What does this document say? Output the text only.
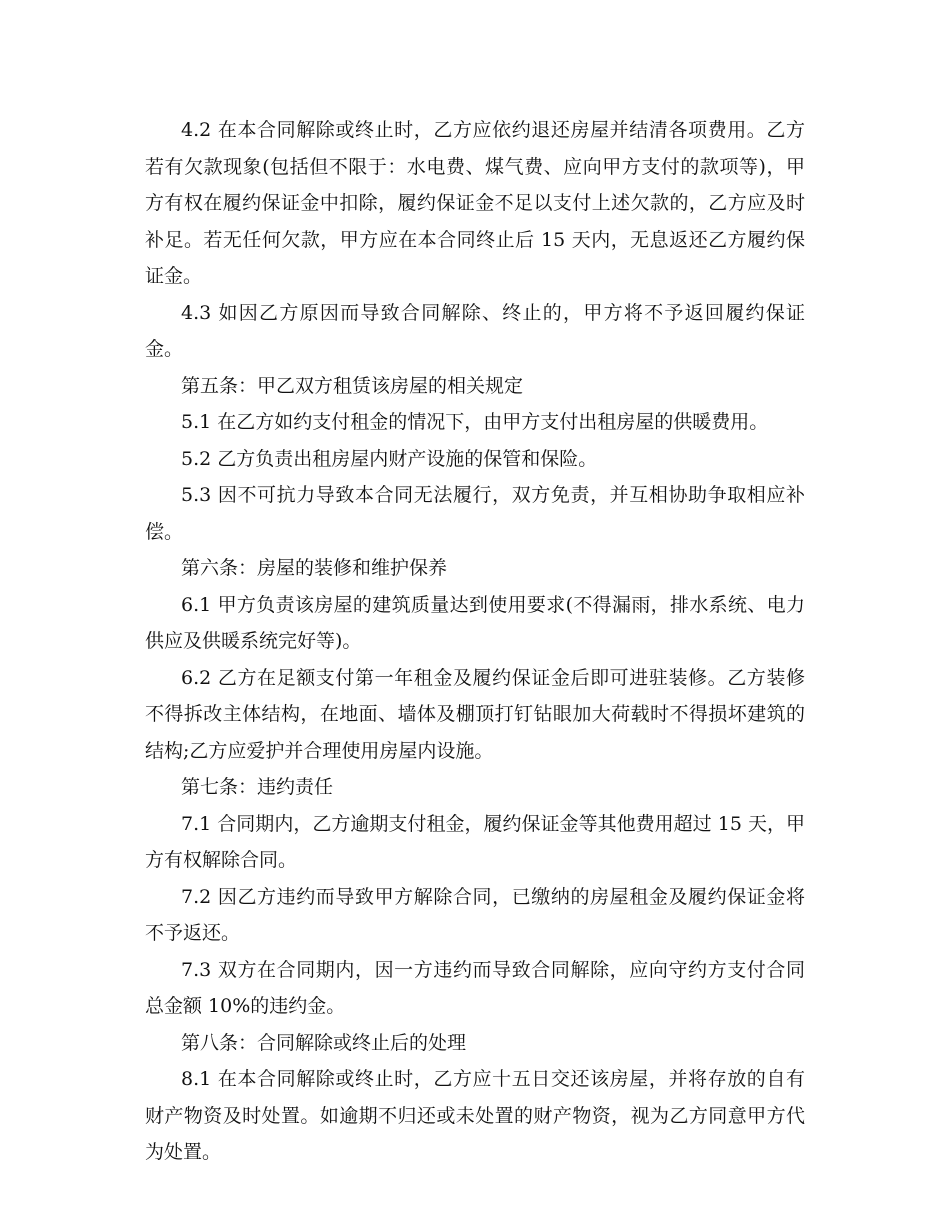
4.2 在本合同解除或终止时，乙方应依约退还房屋并结清各项费用。乙方若有欠款现象(包括但不限于：水电费、煤气费、应向甲方支付的款项等)，甲方有权在履约保证金中扣除，履约保证金不足以支付上述欠款的，乙方应及时补足。若无任何欠款，甲方应在本合同终止后 15 天内，无息返还乙方履约保证金。

4.3 如因乙方原因而导致合同解除、终止的，甲方将不予返回履约保证金。

第五条：甲乙双方租赁该房屋的相关规定

5.1 在乙方如约支付租金的情况下，由甲方支付出租房屋的供暖费用。

5.2 乙方负责出租房屋内财产设施的保管和保险。

5.3 因不可抗力导致本合同无法履行，双方免责，并互相协助争取相应补偿。

第六条：房屋的装修和维护保养

6.1 甲方负责该房屋的建筑质量达到使用要求(不得漏雨，排水系统、电力供应及供暖系统完好等)。

6.2 乙方在足额支付第一年租金及履约保证金后即可进驻装修。乙方装修不得拆改主体结构，在地面、墙体及棚顶打钉钻眼加大荷载时不得损坏建筑的结构;乙方应爱护并合理使用房屋内设施。

第七条：违约责任

7.1 合同期内，乙方逾期支付租金，履约保证金等其他费用超过 15 天，甲方有权解除合同。

7.2 因乙方违约而导致甲方解除合同，已缴纳的房屋租金及履约保证金将不予返还。

7.3 双方在合同期内，因一方违约而导致合同解除，应向守约方支付合同总金额 10%的违约金。

第八条：合同解除或终止后的处理

8.1 在本合同解除或终止时，乙方应十五日交还该房屋，并将存放的自有财产物资及时处置。如逾期不归还或未处置的财产物资，视为乙方同意甲方代为处置。
